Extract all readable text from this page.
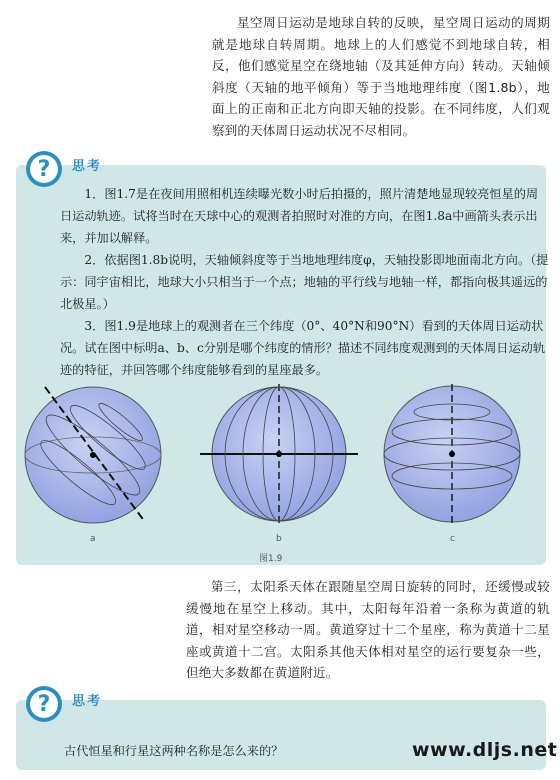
星空周日运动是地球自转的反映，星空周日运动的周期就是地球自转周期。地球上的人们感觉不到地球自转，相反，他们感觉星空在绕地轴（及其延伸方向）转动。天轴倾斜度（天轴的地平倾角）等于当地地理纬度（图1.8b），地面上的正南和正北方向即天轴的投影。在不同纬度，人们观察到的天体周日运动状况不尽相同。

? 思考

1．图1.7是在夜间用照相机连续曝光数小时后拍摄的，照片清楚地显现较亮恒星的周日运动轨迹。试将当时在天球中心的观测者拍照时对准的方向，在图1.8a中画箭头表示出来，并加以解释。

2．依据图1.8b说明，天轴倾斜度等于当地地理纬度φ，天轴投影即地面南北方向。（提示：同宇宙相比，地球大小只相当于一个点；地轴的平行线与地轴一样，都指向极其遥远的北极星。）

3．图1.9是地球上的观测者在三个纬度（0°、40°N和90°N）看到的天体周日运动状况。试在图中标明a、b、c分别是哪个纬度的情形？描述不同纬度观测到的天体周日运动轨迹的特征，并回答哪个纬度能够看到的星座最多。

a	b	c
图1.9

第三，太阳系天体在跟随星空周日旋转的同时，还缓慢或较缓慢地在星空上移动。其中，太阳每年沿着一条称为黄道的轨道，相对星空移动一周。黄道穿过十二个星座，称为黄道十二星座或黄道十二宫。太阳系其他天体相对星空的运行要复杂一些，但绝大多数都在黄道附近。

? 思考
古代恒星和行星这两种名称是怎么来的？	www.dljs.net
